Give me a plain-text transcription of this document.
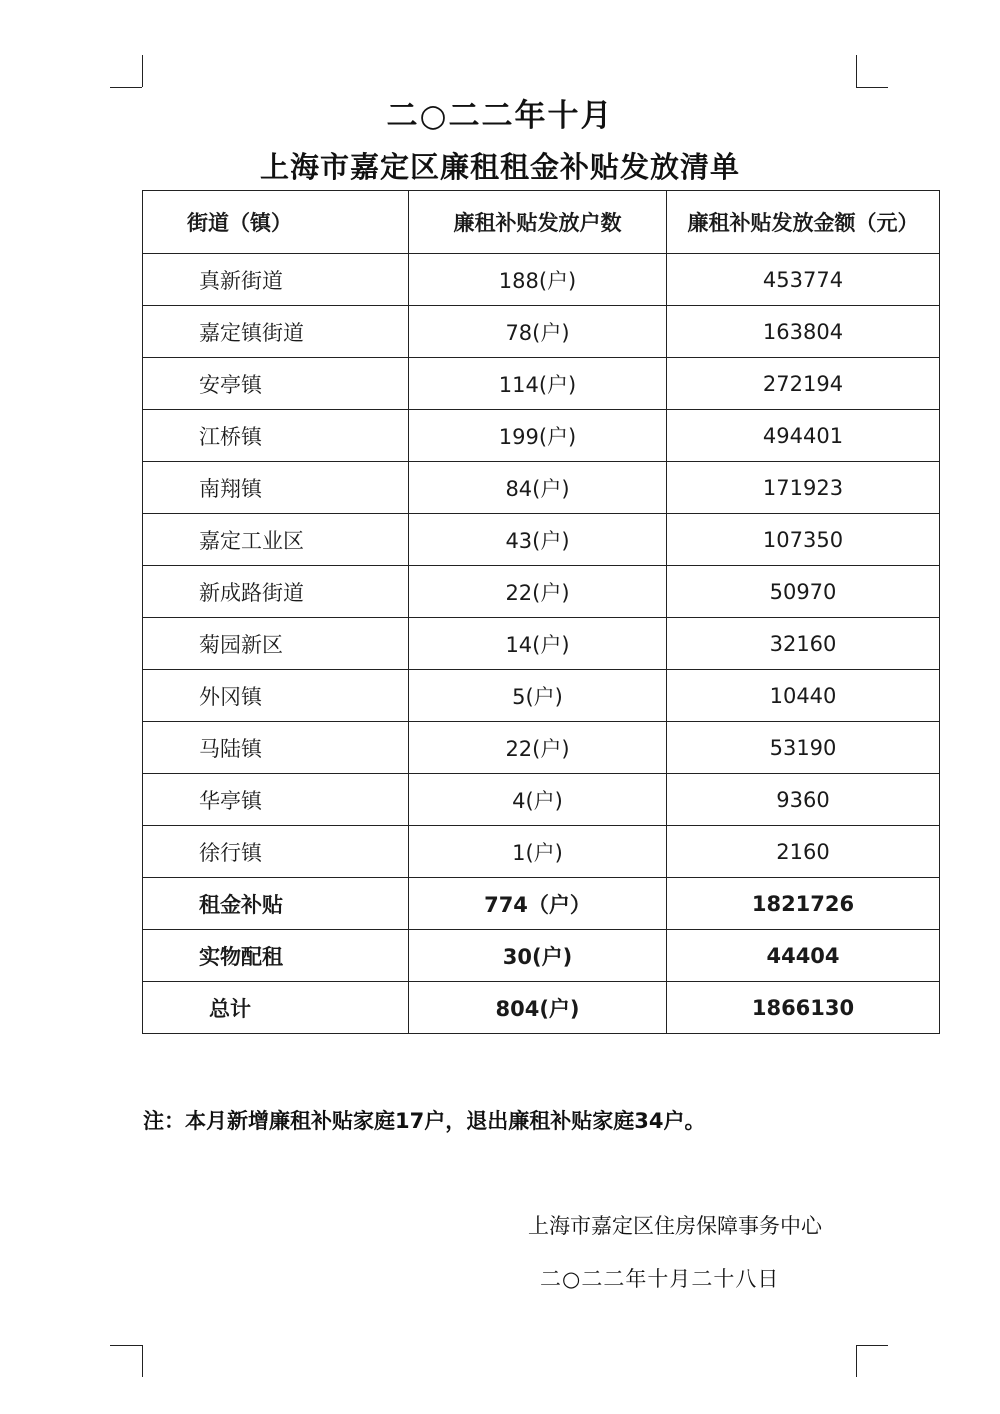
二○二二年十月
上海市嘉定区廉租租金补贴发放清单
街道（镇）	廉租补贴发放户数	廉租补贴发放金额（元）
真新街道	188(户)	453774
嘉定镇街道	78(户)	163804
安亭镇	114(户)	272194
江桥镇	199(户)	494401
南翔镇	84(户)	171923
嘉定工业区	43(户)	107350
新成路街道	22(户)	50970
菊园新区	14(户)	32160
外冈镇	5(户)	10440
马陆镇	22(户)	53190
华亭镇	4(户)	9360
徐行镇	1(户)	2160
租金补贴	774（户）	1821726
实物配租	30(户)	44404
总计	804(户)	1866130
注：本月新增廉租补贴家庭17户，退出廉租补贴家庭34户。
上海市嘉定区住房保障事务中心
二○二二年十月二十八日
